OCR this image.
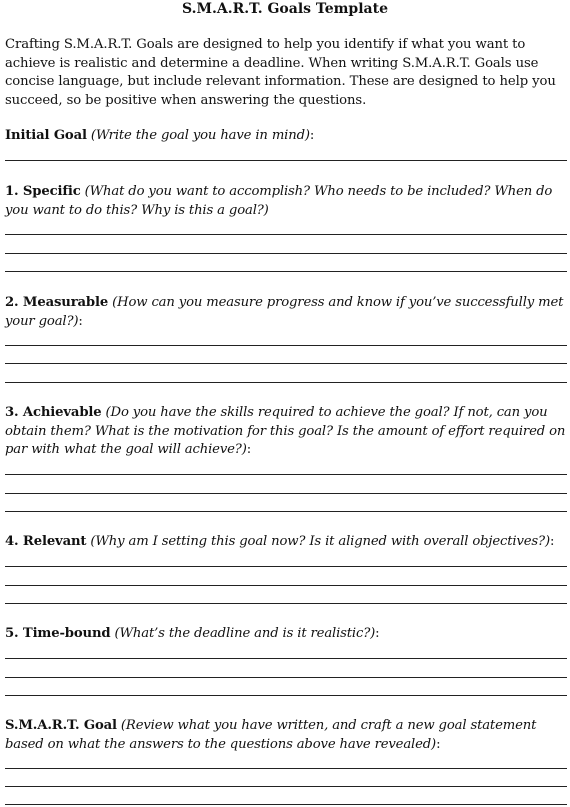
S.M.A.R.T. Goals Template

Crafting S.M.A.R.T. Goals are designed to help you identify if what you want to achieve is realistic and determine a deadline. When writing S.M.A.R.T. Goals use concise language, but include relevant information. These are designed to help you succeed, so be positive when answering the questions.

Initial Goal (Write the goal you have in mind):

1. Specific (What do you want to accomplish? Who needs to be included? When do you want to do this? Why is this a goal?)

2. Measurable (How can you measure progress and know if you’ve successfully met your goal?):

3. Achievable (Do you have the skills required to achieve the goal? If not, can you obtain them? What is the motivation for this goal? Is the amount of effort required on par with what the goal will achieve?):

4. Relevant (Why am I setting this goal now? Is it aligned with overall objectives?):

5. Time-bound (What’s the deadline and is it realistic?):

S.M.A.R.T. Goal (Review what you have written, and craft a new goal statement based on what the answers to the questions above have revealed):
